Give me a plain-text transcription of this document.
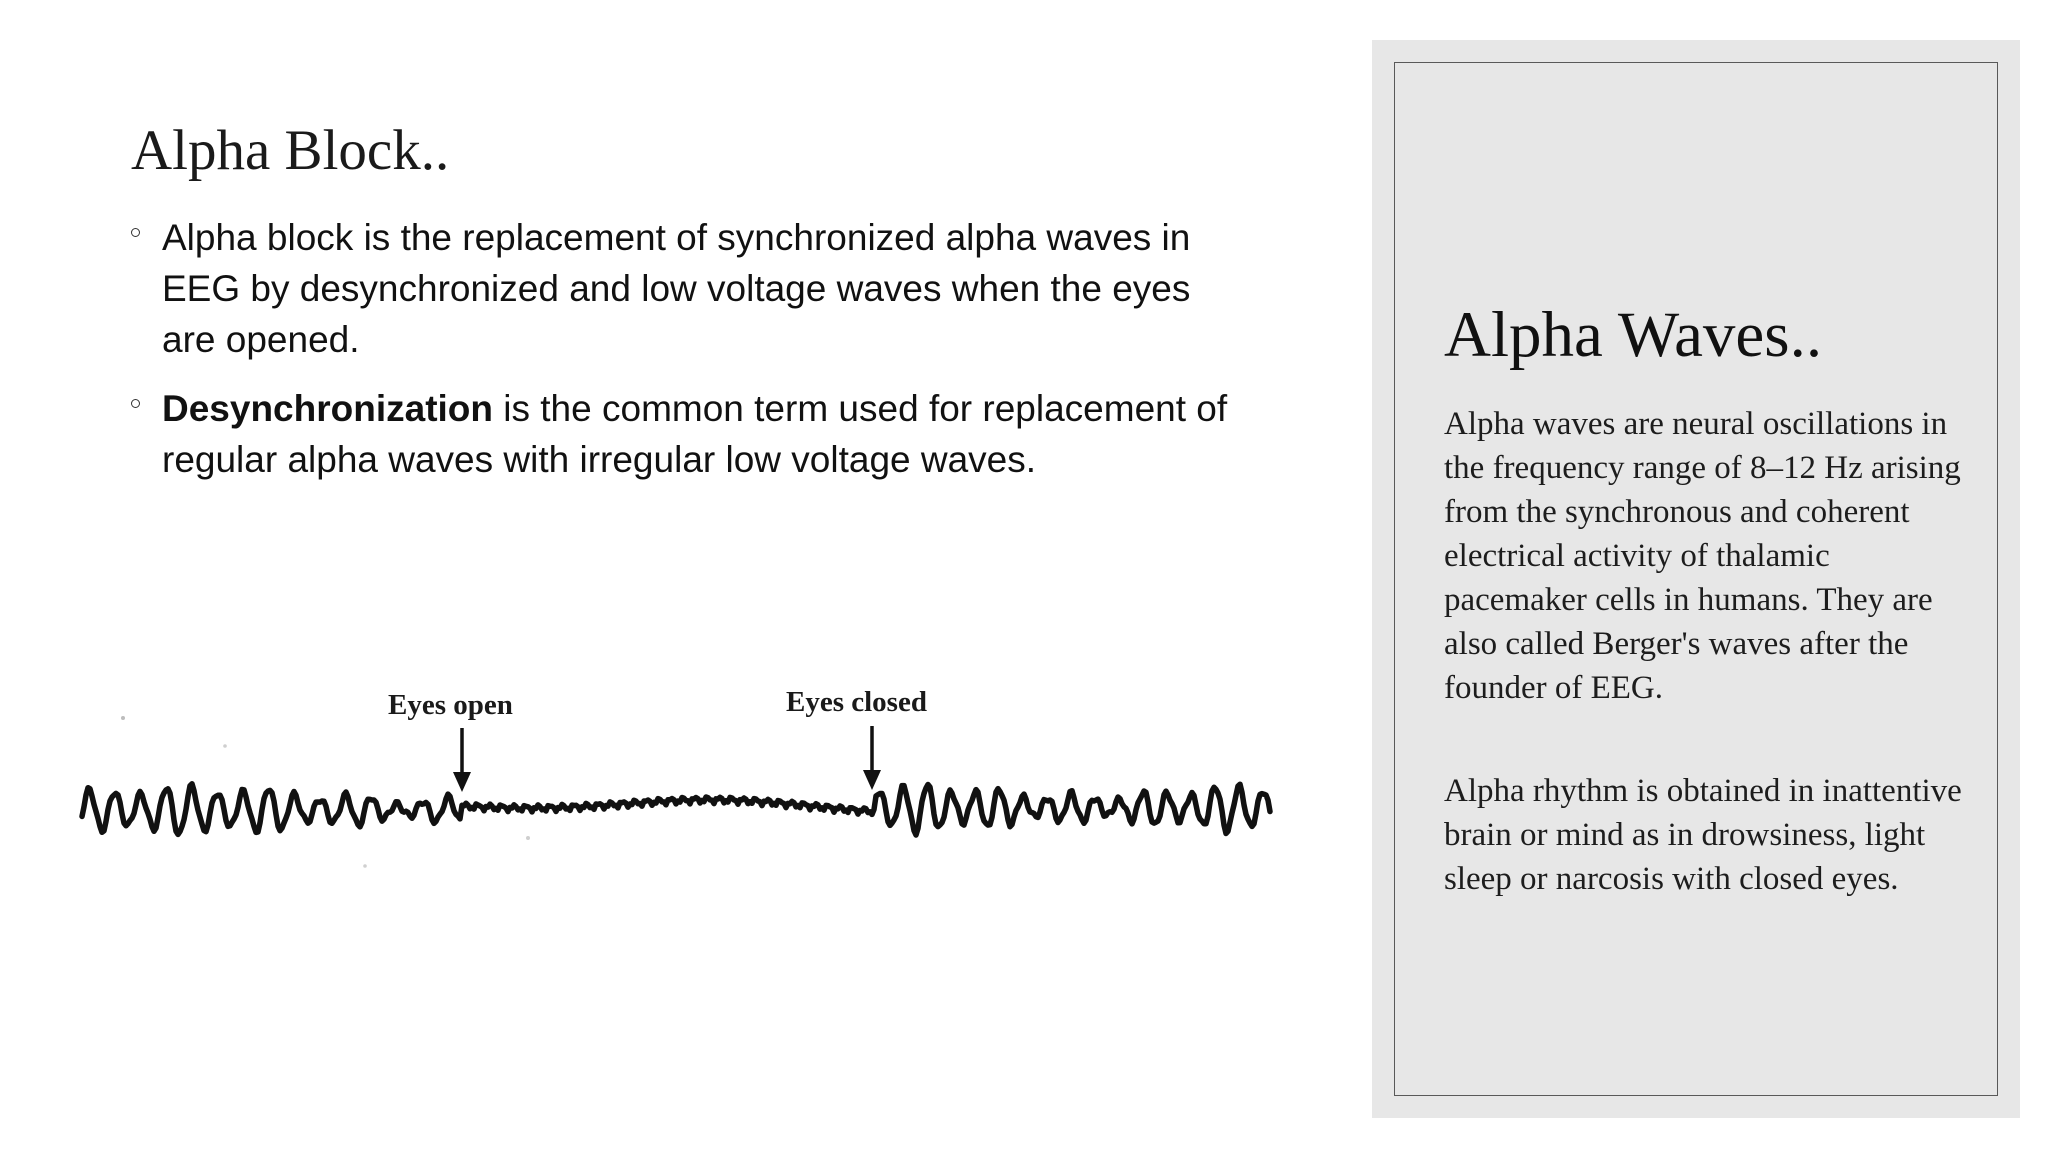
Alpha Block..
Alpha block is the replacement of synchronized alpha waves in EEG by desynchronized and low voltage waves when the eyes are opened.
Desynchronization is the common term used for replacement of regular alpha waves with irregular low voltage waves.
Eyes open	Eyes closed
Alpha Waves..

Alpha waves are neural oscillations in the frequency range of 8–12 Hz arising from the synchronous and coherent electrical activity of thalamic pacemaker cells in humans. They are also called Berger's waves after the founder of EEG.

Alpha rhythm is obtained in inattentive brain or mind as in drowsiness, light sleep or narcosis with closed eyes.
